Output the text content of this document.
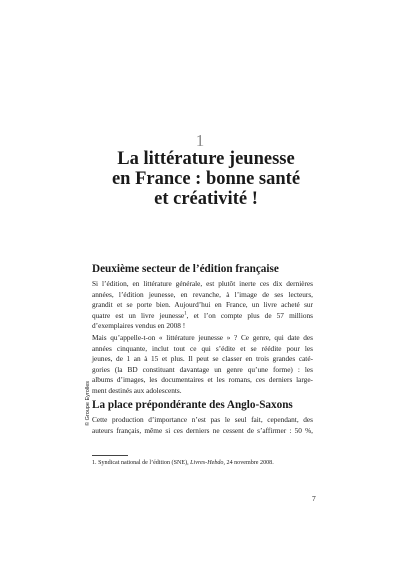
1
La littérature jeunesse
en France : bonne santé
et créativité !
Deuxième secteur de l’édition française
Si l’édition, en littérature générale, est plutôt inerte ces dix dernières
années, l’édition jeunesse, en revanche, à l’image de ses lecteurs,
grandit et se porte bien. Aujourd’hui en France, un livre acheté sur
quatre est un livre jeunesse$^1$, et l’on compte plus de 57 millions
d’exemplaires vendus en 2008 !
Mais qu’appelle-t-on « littérature jeunesse » ? Ce genre, qui date des
années cinquante, inclut tout ce qui s’édite et se réédite pour les
jeunes, de 1 an à 15 et plus. Il peut se classer en trois grandes caté-
gories (la BD constituant davantage un genre qu’une forme) : les
albums d’images, les documentaires et les romans, ces derniers large-
ment destinés aux adolescents.
La place prépondérante des Anglo-Saxons
Cette production d’importance n’est pas le seul fait, cependant, des
auteurs français, même si ces derniers ne cessent de s’affirmer : 50 %,
1. Syndicat national de l’édition (SNE), Livres-Hebdo, 24 novembre 2008.
© Groupe Eyrolles
7
